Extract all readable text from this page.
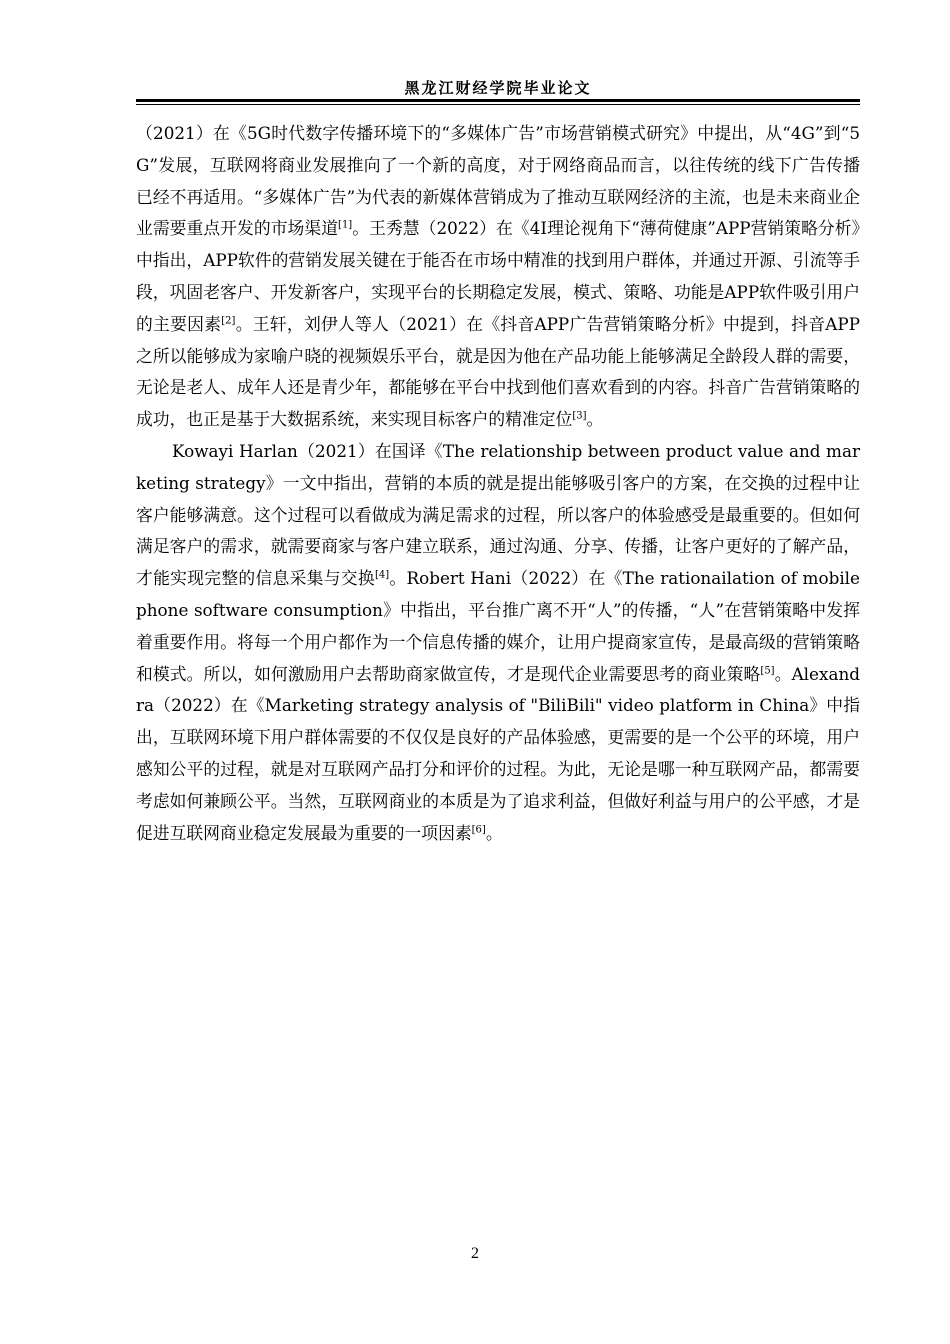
黑龙江财经学院毕业论文

（2021）在《5G时代数字传播环境下的“多媒体广告”市场营销模式研究》中提出，从“4G”到“5G”发展，互联网将商业发展推向了一个新的高度，对于网络商品而言，以往传统的线下广告传播已经不再适用。“多媒体广告”为代表的新媒体营销成为了推动互联网经济的主流，也是未来商业企业需要重点开发的市场渠道[1]。王秀慧（2022）在《4I理论视角下“薄荷健康”APP营销策略分析》中指出，APP软件的营销发展关键在于能否在市场中精准的找到用户群体，并通过开源、引流等手段，巩固老客户、开发新客户，实现平台的长期稳定发展，模式、策略、功能是APP软件吸引用户的主要因素[2]。王轩，刘伊人等人（2021）在《抖音APP广告营销策略分析》中提到，抖音APP之所以能够成为家喻户晓的视频娱乐平台，就是因为他在产品功能上能够满足全龄段人群的需要，无论是老人、成年人还是青少年，都能够在平台中找到他们喜欢看到的内容。抖音广告营销策略的成功，也正是基于大数据系统，来实现目标客户的精准定位[3]。

Kowayi Harlan（2021）在国译《The relationship between product value and marketing strategy》一文中指出，营销的本质的就是提出能够吸引客户的方案，在交换的过程中让客户能够满意。这个过程可以看做成为满足需求的过程，所以客户的体验感受是最重要的。但如何满足客户的需求，就需要商家与客户建立联系，通过沟通、分享、传播，让客户更好的了解产品，才能实现完整的信息采集与交换[4]。Robert Hani（2022）在《The rationailation of mobile phone software consumption》中指出，平台推广离不开“人”的传播，“人”在营销策略中发挥着重要作用。将每一个用户都作为一个信息传播的媒介，让用户提商家宣传，是最高级的营销策略和模式。所以，如何激励用户去帮助商家做宣传，才是现代企业需要思考的商业策略[5]。Alexandra（2022）在《Marketing strategy analysis of "BiliBili" video platform in China》中指出，互联网环境下用户群体需要的不仅仅是良好的产品体验感，更需要的是一个公平的环境，用户感知公平的过程，就是对互联网产品打分和评价的过程。为此，无论是哪一种互联网产品，都需要考虑如何兼顾公平。当然，互联网商业的本质是为了追求利益，但做好利益与用户的公平感，才是促进互联网商业稳定发展最为重要的一项因素[6]。

2
